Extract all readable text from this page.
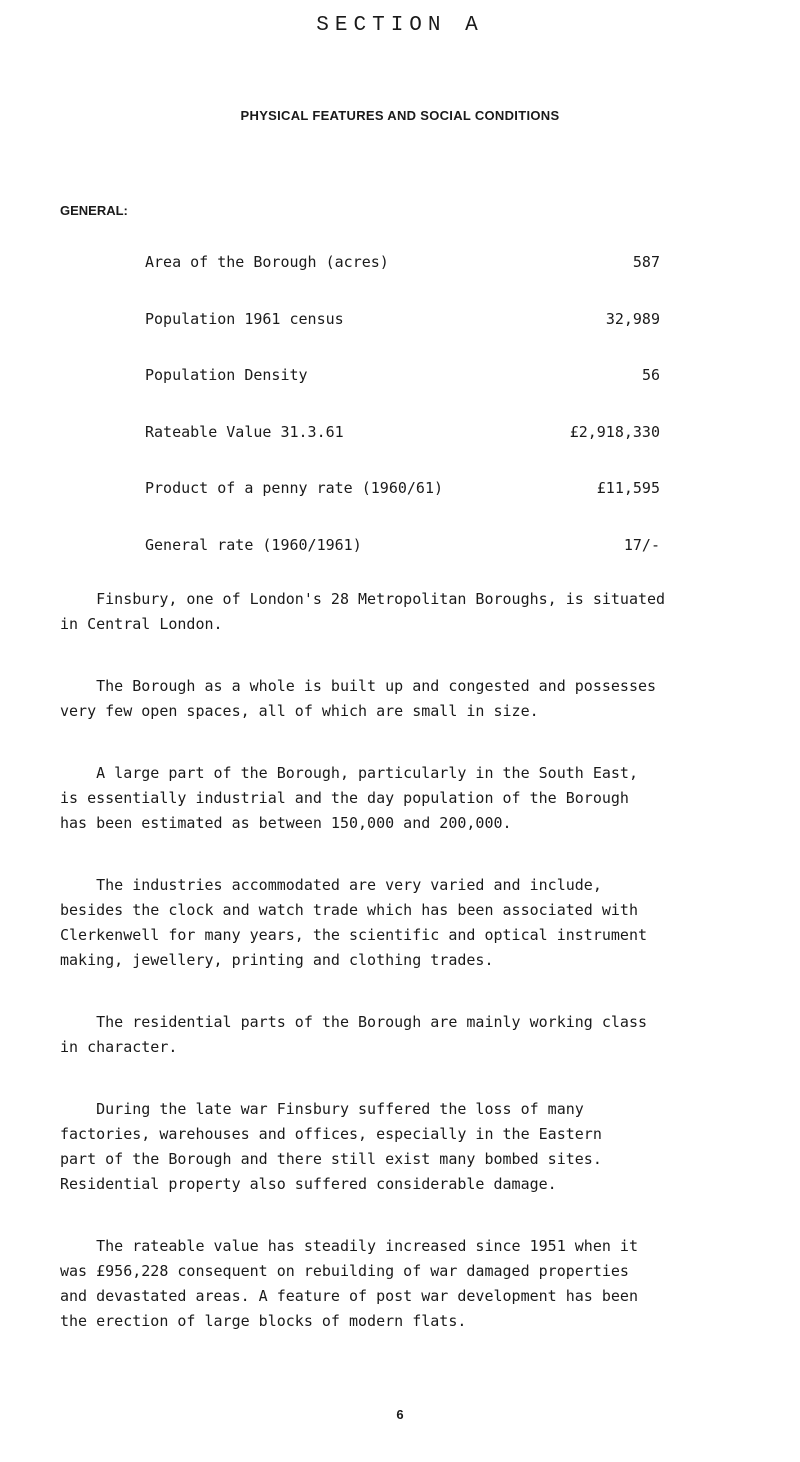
SECTION A
PHYSICAL FEATURES AND SOCIAL CONDITIONS
GENERAL:
Area of the Borough (acres)	587
Population 1961 census	32,989
Population Density	56
Rateable Value 31.3.61	£2,918,330
Product of a penny rate (1960/61)	£11,595
General rate (1960/1961)	17/-

Finsbury, one of London's 28 Metropolitan Boroughs, is situated
in Central London.

The Borough as a whole is built up and congested and possesses
very few open spaces, all of which are small in size.

A large part of the Borough, particularly in the South East,
is essentially industrial and the day population of the Borough
has been estimated as between 150,000 and 200,000.

The industries accommodated are very varied and include,
besides the clock and watch trade which has been associated with
Clerkenwell for many years, the scientific and optical instrument
making, jewellery, printing and clothing trades.

The residential parts of the Borough are mainly working class
in character.

During the late war Finsbury suffered the loss of many
factories, warehouses and offices, especially in the Eastern
part of the Borough and there still exist many bombed sites.
Residential property also suffered considerable damage.

The rateable value has steadily increased since 1951 when it
was £956,228 consequent on rebuilding of war damaged properties
and devastated areas. A feature of post war development has been
the erection of large blocks of modern flats.

6
